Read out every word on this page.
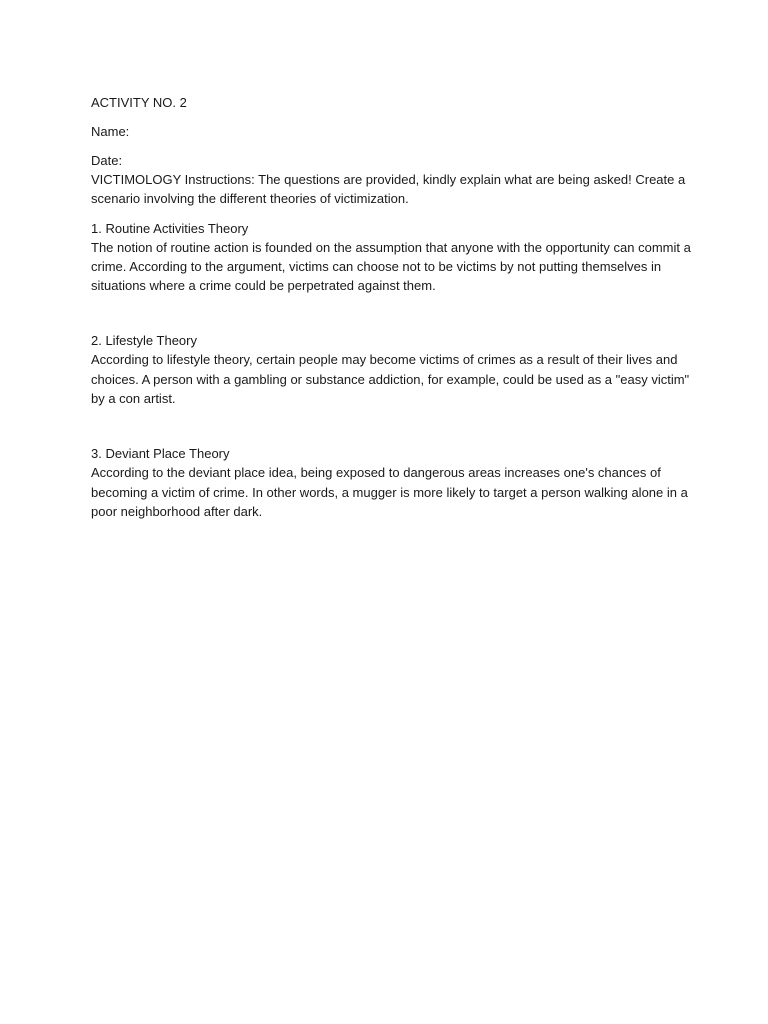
ACTIVITY NO. 2

Name:

Date:

VICTIMOLOGY Instructions: The questions are provided, kindly explain what are being asked! Create a scenario involving the different theories of victimization.

1. Routine Activities Theory

The notion of routine action is founded on the assumption that anyone with the opportunity can commit a crime. According to the argument, victims can choose not to be victims by not putting themselves in situations where a crime could be perpetrated against them.

2. Lifestyle Theory

According to lifestyle theory, certain people may become victims of crimes as a result of their lives and choices. A person with a gambling or substance addiction, for example, could be used as a "easy victim" by a con artist.

3. Deviant Place Theory

According to the deviant place idea, being exposed to dangerous areas increases one's chances of becoming a victim of crime. In other words, a mugger is more likely to target a person walking alone in a poor neighborhood after dark.
